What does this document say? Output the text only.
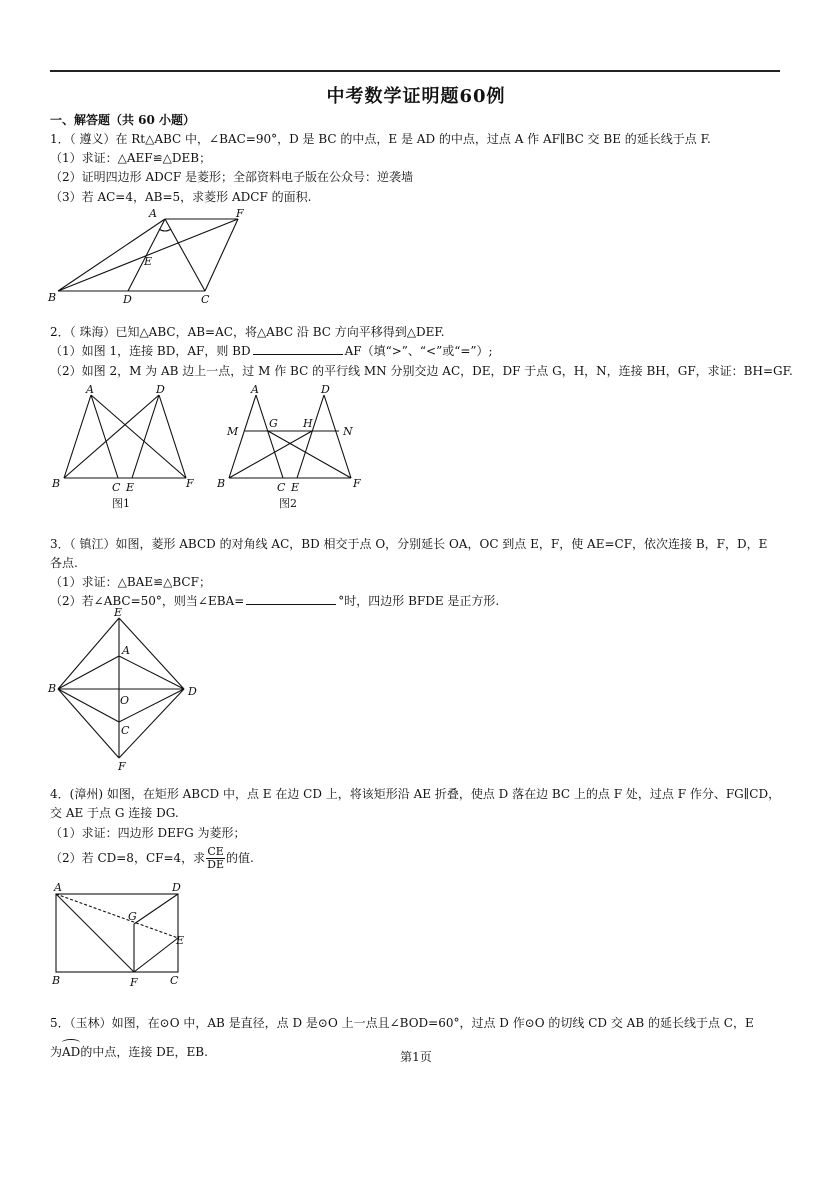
中考数学证明题60例
一、解答题（共 60 小题）
1．（ 遵义）在 Rt△ABC 中，∠BAC=90°，D 是 BC 的中点，E 是 AD 的中点，过点 A 作 AF∥BC 交 BE 的延长线于点 F.
（1）求证：△AEF≌△DEB；
（2）证明四边形 ADCF 是菱形；全部资料电子版在公众号：逆袭墙
（3）若 AC=4，AB=5，求菱形 ADCF 的面积.
A	F
E
B	D	C
2．（ 珠海）已知△ABC，AB=AC，将△ABC 沿 BC 方向平移得到△DEF.
（1）如图 1，连接 BD，AF，则 BD	AF（填“>”、“<”或“=”）;
（2）如图 2，M 为 AB 边上一点，过 M 作 BC 的平行线 MN 分别交边 AC，DE，DF 于点 G，H，N，连接 BH，GF，求证：BH=GF.
A	D
B	C E	F
图1
A	D
M
G H
N
B	C E	F
图2
3．（ 镇江）如图，菱形 ABCD 的对角线 AC，BD 相交于点 O，分别延长 OA，OC 到点 E，F，使 AE=CF，依次连接 B，F，D，E
各点.
（1）求证：△BAE≌△BCF；
（2）若∠ABC=50°，则当∠EBA=	°时，四边形 BFDE 是正方形.
E
A
B
O
D
C
F
4．(漳州) 如图，在矩形 ABCD 中，点 E 在边 CD 上，将该矩形沿 AE 折叠，使点 D 落在边 BC 上的点 F 处，过点 F 作分、FG∥CD，
交 AE 于点 G 连接 DG.
（1）求证：四边形 DEFG 为菱形；
（2）若 CD=8，CF=4，求 $\frac{CE}{DE}$ 的值.
A	D
G
E
B	F	C
5．（玉林）如图，在⊙O 中，AB 是直径，点 D 是⊙O 上一点且∠BOD=60°，过点 D 作⊙O 的切线 CD 交 AB 的延长线于点 C，E
为AD的中点，连接 DE，EB.	第1页
